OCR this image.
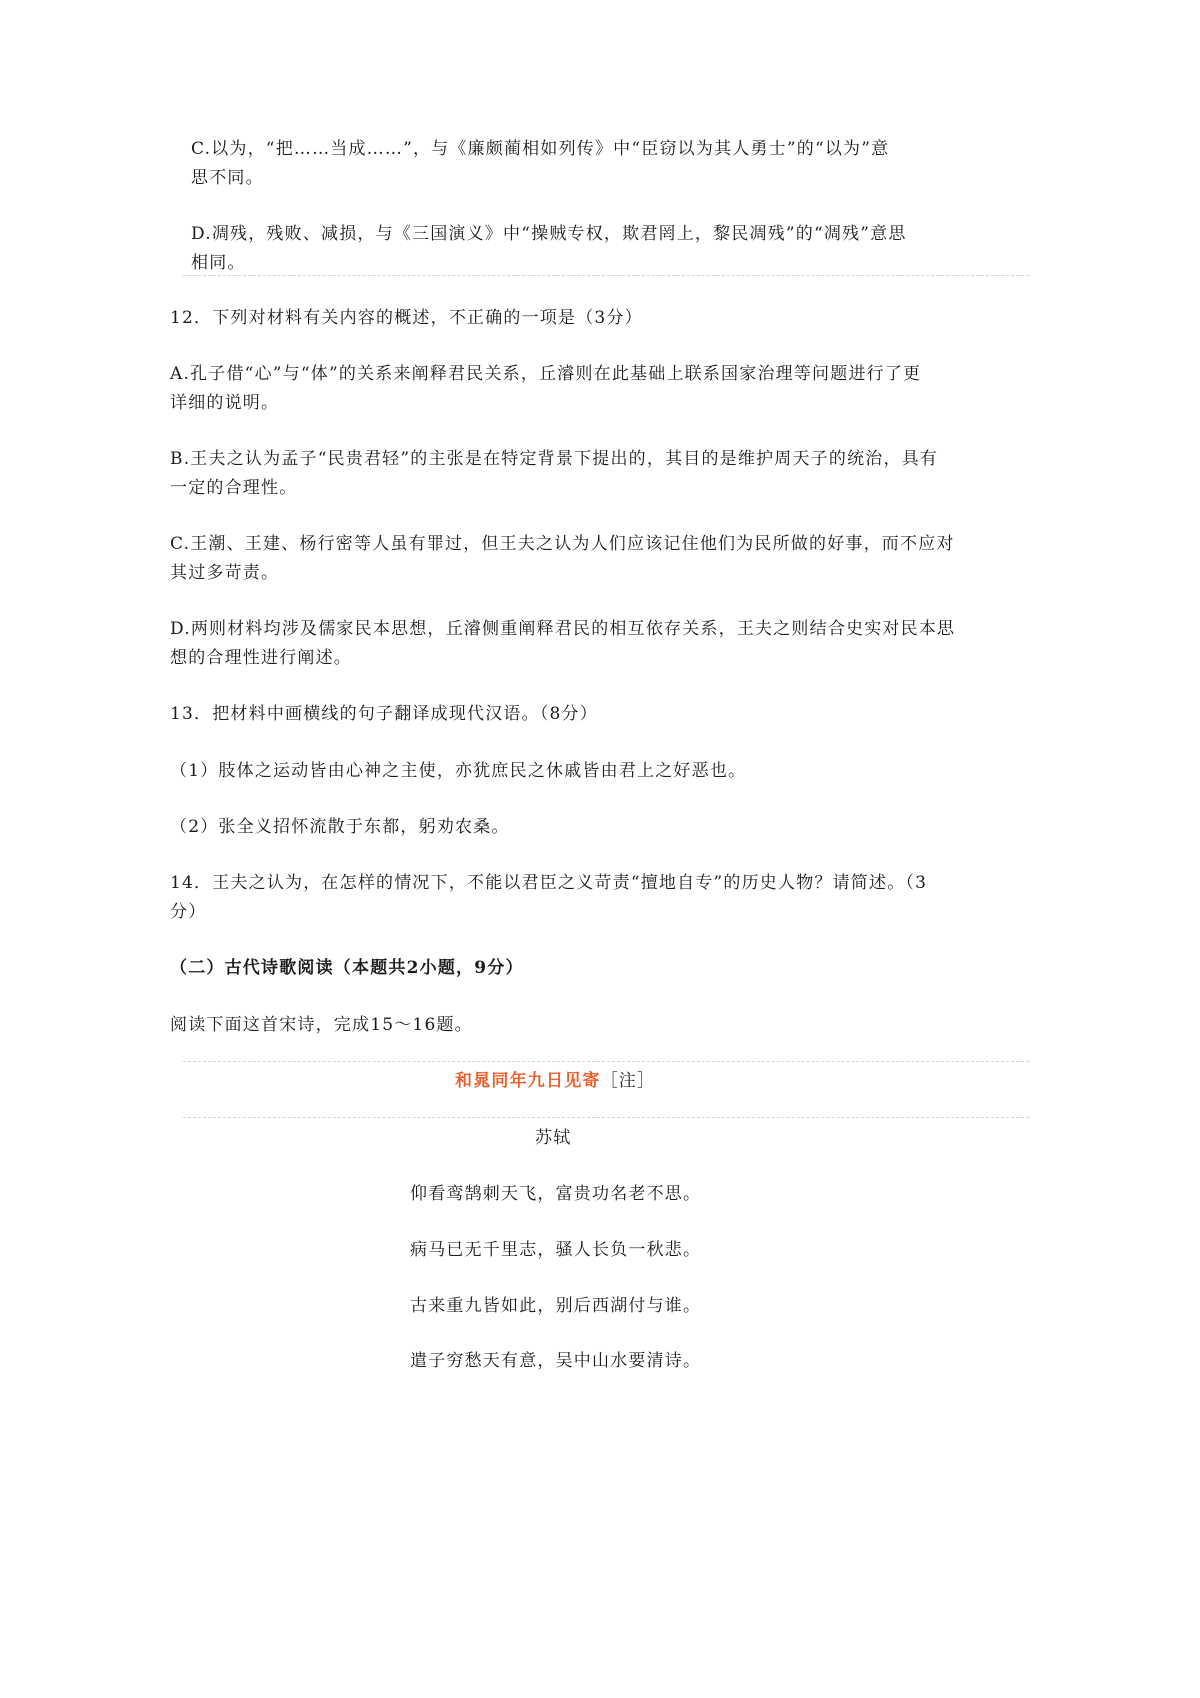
C.以为，“把……当成……”，与《廉颇蔺相如列传》中“臣窃以为其人勇士”的“以为”意
思不同。
D.凋残，残败、减损，与《三国演义》中“操贼专权，欺君罔上，黎民凋残”的“凋残”意思
相同。
12．下列对材料有关内容的概述，不正确的一项是（3分）
A.孔子借“心”与“体”的关系来阐释君民关系，丘濬则在此基础上联系国家治理等问题进行了更
详细的说明。
B.王夫之认为孟子“民贵君轻”的主张是在特定背景下提出的，其目的是维护周天子的统治，具有
一定的合理性。
C.王潮、王建、杨行密等人虽有罪过，但王夫之认为人们应该记住他们为民所做的好事，而不应对
其过多苛责。
D.两则材料均涉及儒家民本思想，丘濬侧重阐释君民的相互依存关系，王夫之则结合史实对民本思
想的合理性进行阐述。
13．把材料中画横线的句子翻译成现代汉语。（8分）
（1）肢体之运动皆由心神之主使，亦犹庶民之休戚皆由君上之好恶也。
（2）张全义招怀流散于东都，躬劝农桑。
14．王夫之认为，在怎样的情况下，不能以君臣之义苛责“擅地自专”的历史人物？请简述。（3
分）
（二）古代诗歌阅读（本题共2小题，9分）
阅读下面这首宋诗，完成15～16题。
和晁同年九日见寄［注］
苏轼
仰看鸾鹄刺天飞，富贵功名老不思。
病马已无千里志，骚人长负一秋悲。
古来重九皆如此，别后西湖付与谁。
遣子穷愁天有意，吴中山水要清诗。
